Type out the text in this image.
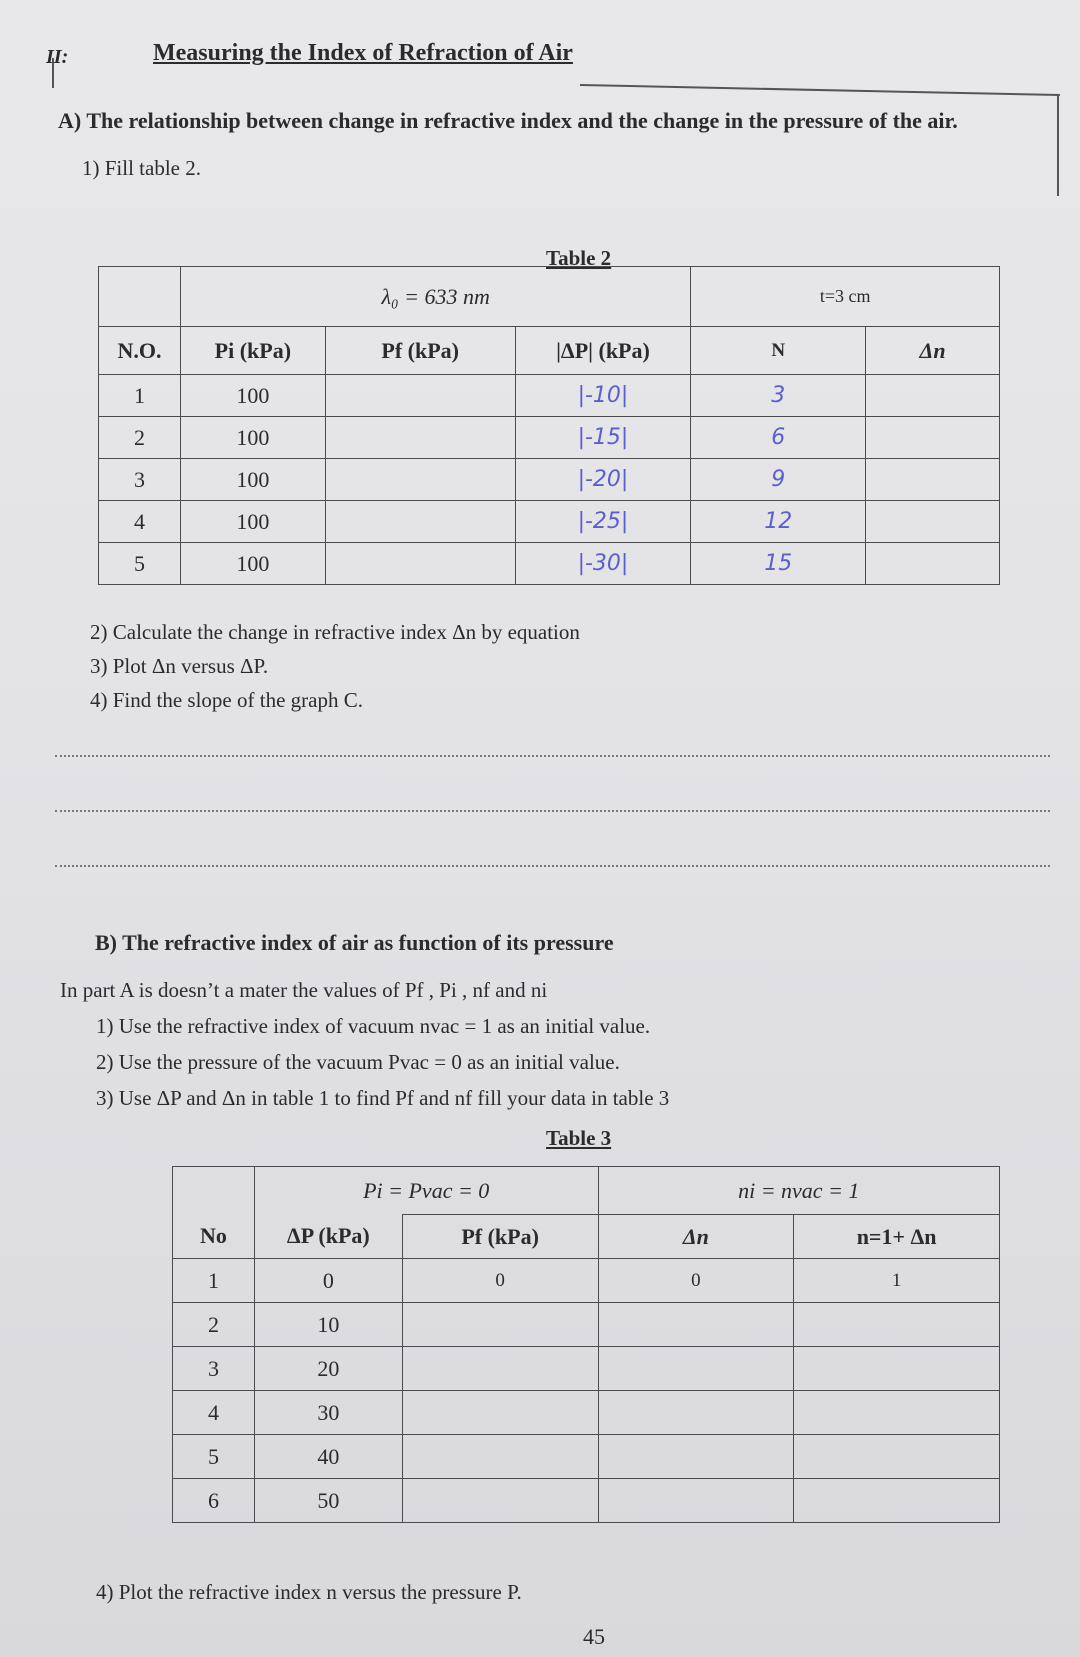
II:	Measuring the Index of Refraction of Air
A) The relationship between change in refractive index and the change in the pressure of the air.
1) Fill table 2.
Table 2
	λ₀ = 633 nm			t=3 cm	
N.O.	Pi (kPa)	Pf (kPa)	|ΔP| (kPa)	N	Δn
1	100		|-10|	3	
2	100		|-15|	6	
3	100		|-20|	9	
4	100		|-25|	12	
5	100		|-30|	15	
2) Calculate the change in refractive index Δn by equation
3) Plot Δn versus ΔP.
4) Find the slope of the graph C.
B) The refractive index of air as function of its pressure
In part A is doesn’t a mater the values of Pf , Pi , nf and ni
1) Use the refractive index of vacuum nvac = 1 as an initial value.
2) Use the pressure of the vacuum Pvac = 0 as an initial value.
3) Use ΔP and Δn in table 1 to find Pf and nf fill your data in table 3
Table 3
	Pi = Pvac = 0		ni = nvac = 1	
No	ΔP (kPa)	Pf (kPa)	Δn	n=1+ Δn
1	0	0	0	1
2	10			
3	20			
4	30			
5	40			
6	50			
4) Plot the refractive index n versus the pressure P.
45
